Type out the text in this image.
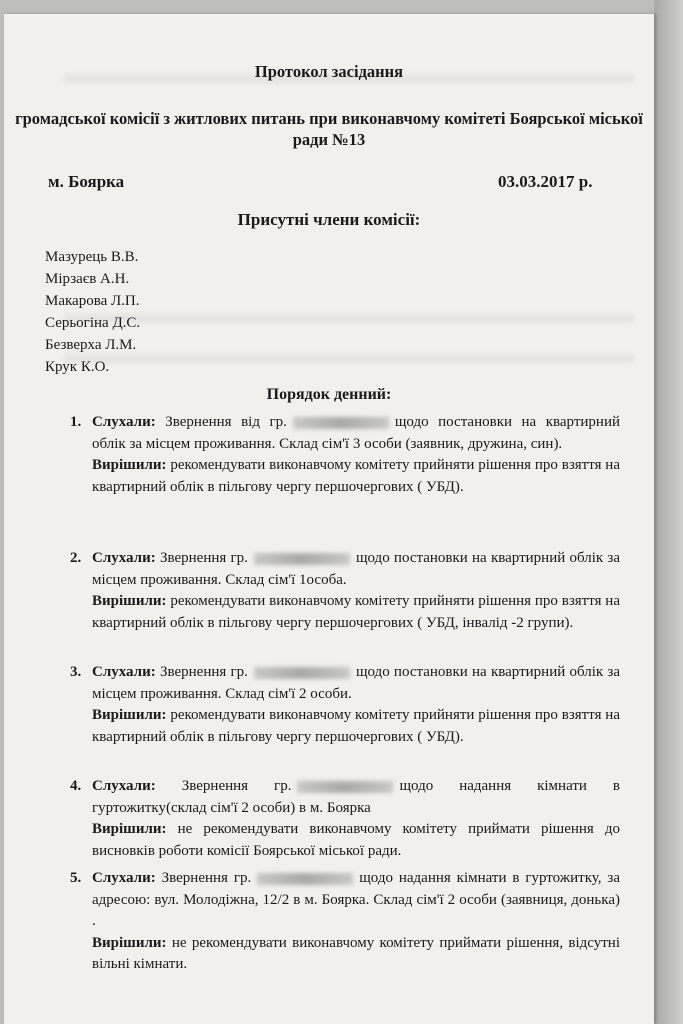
Протокол засідання
громадської комісії з житлових питань при виконавчому комітеті Боярської міської ради №13
м. Боярка	03.03.2017 р.
Присутні члени комісії:
Мазурець В.В.
Мірзаєв А.Н.
Макарова Л.П.
Серьогіна Д.С.
Безверха Л.М.
Крук К.О.
Порядок денний:
1. Слухали: Звернення від гр.	щодо постановки на квартирний облік за місцем проживання. Склад сім'ї 3 особи (заявник, дружина, син).
Вирішили: рекомендувати виконавчому комітету прийняти рішення про взяття на квартирний облік в пільгову чергу першочергових ( УБД).
2. Слухали: Звернення гр.	щодо постановки на квартирний облік за місцем проживання. Склад сім'ї 1особа.
Вирішили: рекомендувати виконавчому комітету прийняти рішення про взяття на квартирний облік в пільгову чергу першочергових ( УБД, інвалід -2 групи).
3. Слухали: Звернення гр.	щодо постановки на квартирний облік за місцем проживання. Склад сім'ї 2 особи.
Вирішили: рекомендувати виконавчому комітету прийняти рішення про взяття на квартирний облік в пільгову чергу першочергових ( УБД).
4. Слухали: Звернення гр.	щодо надання кімнати в гуртожитку(склад сім'ї 2 особи) в м. Боярка
Вирішили: не рекомендувати виконавчому комітету приймати рішення до висновків роботи комісії Боярської міської ради.
5. Слухали: Звернення гр.	щодо надання кімнати в гуртожитку, за адресою: вул. Молодіжна, 12/2 в м. Боярка. Склад сім'ї 2 особи (заявниця, донька) .
Вирішили: не рекомендувати виконавчому комітету приймати рішення, відсутні вільні кімнати.
